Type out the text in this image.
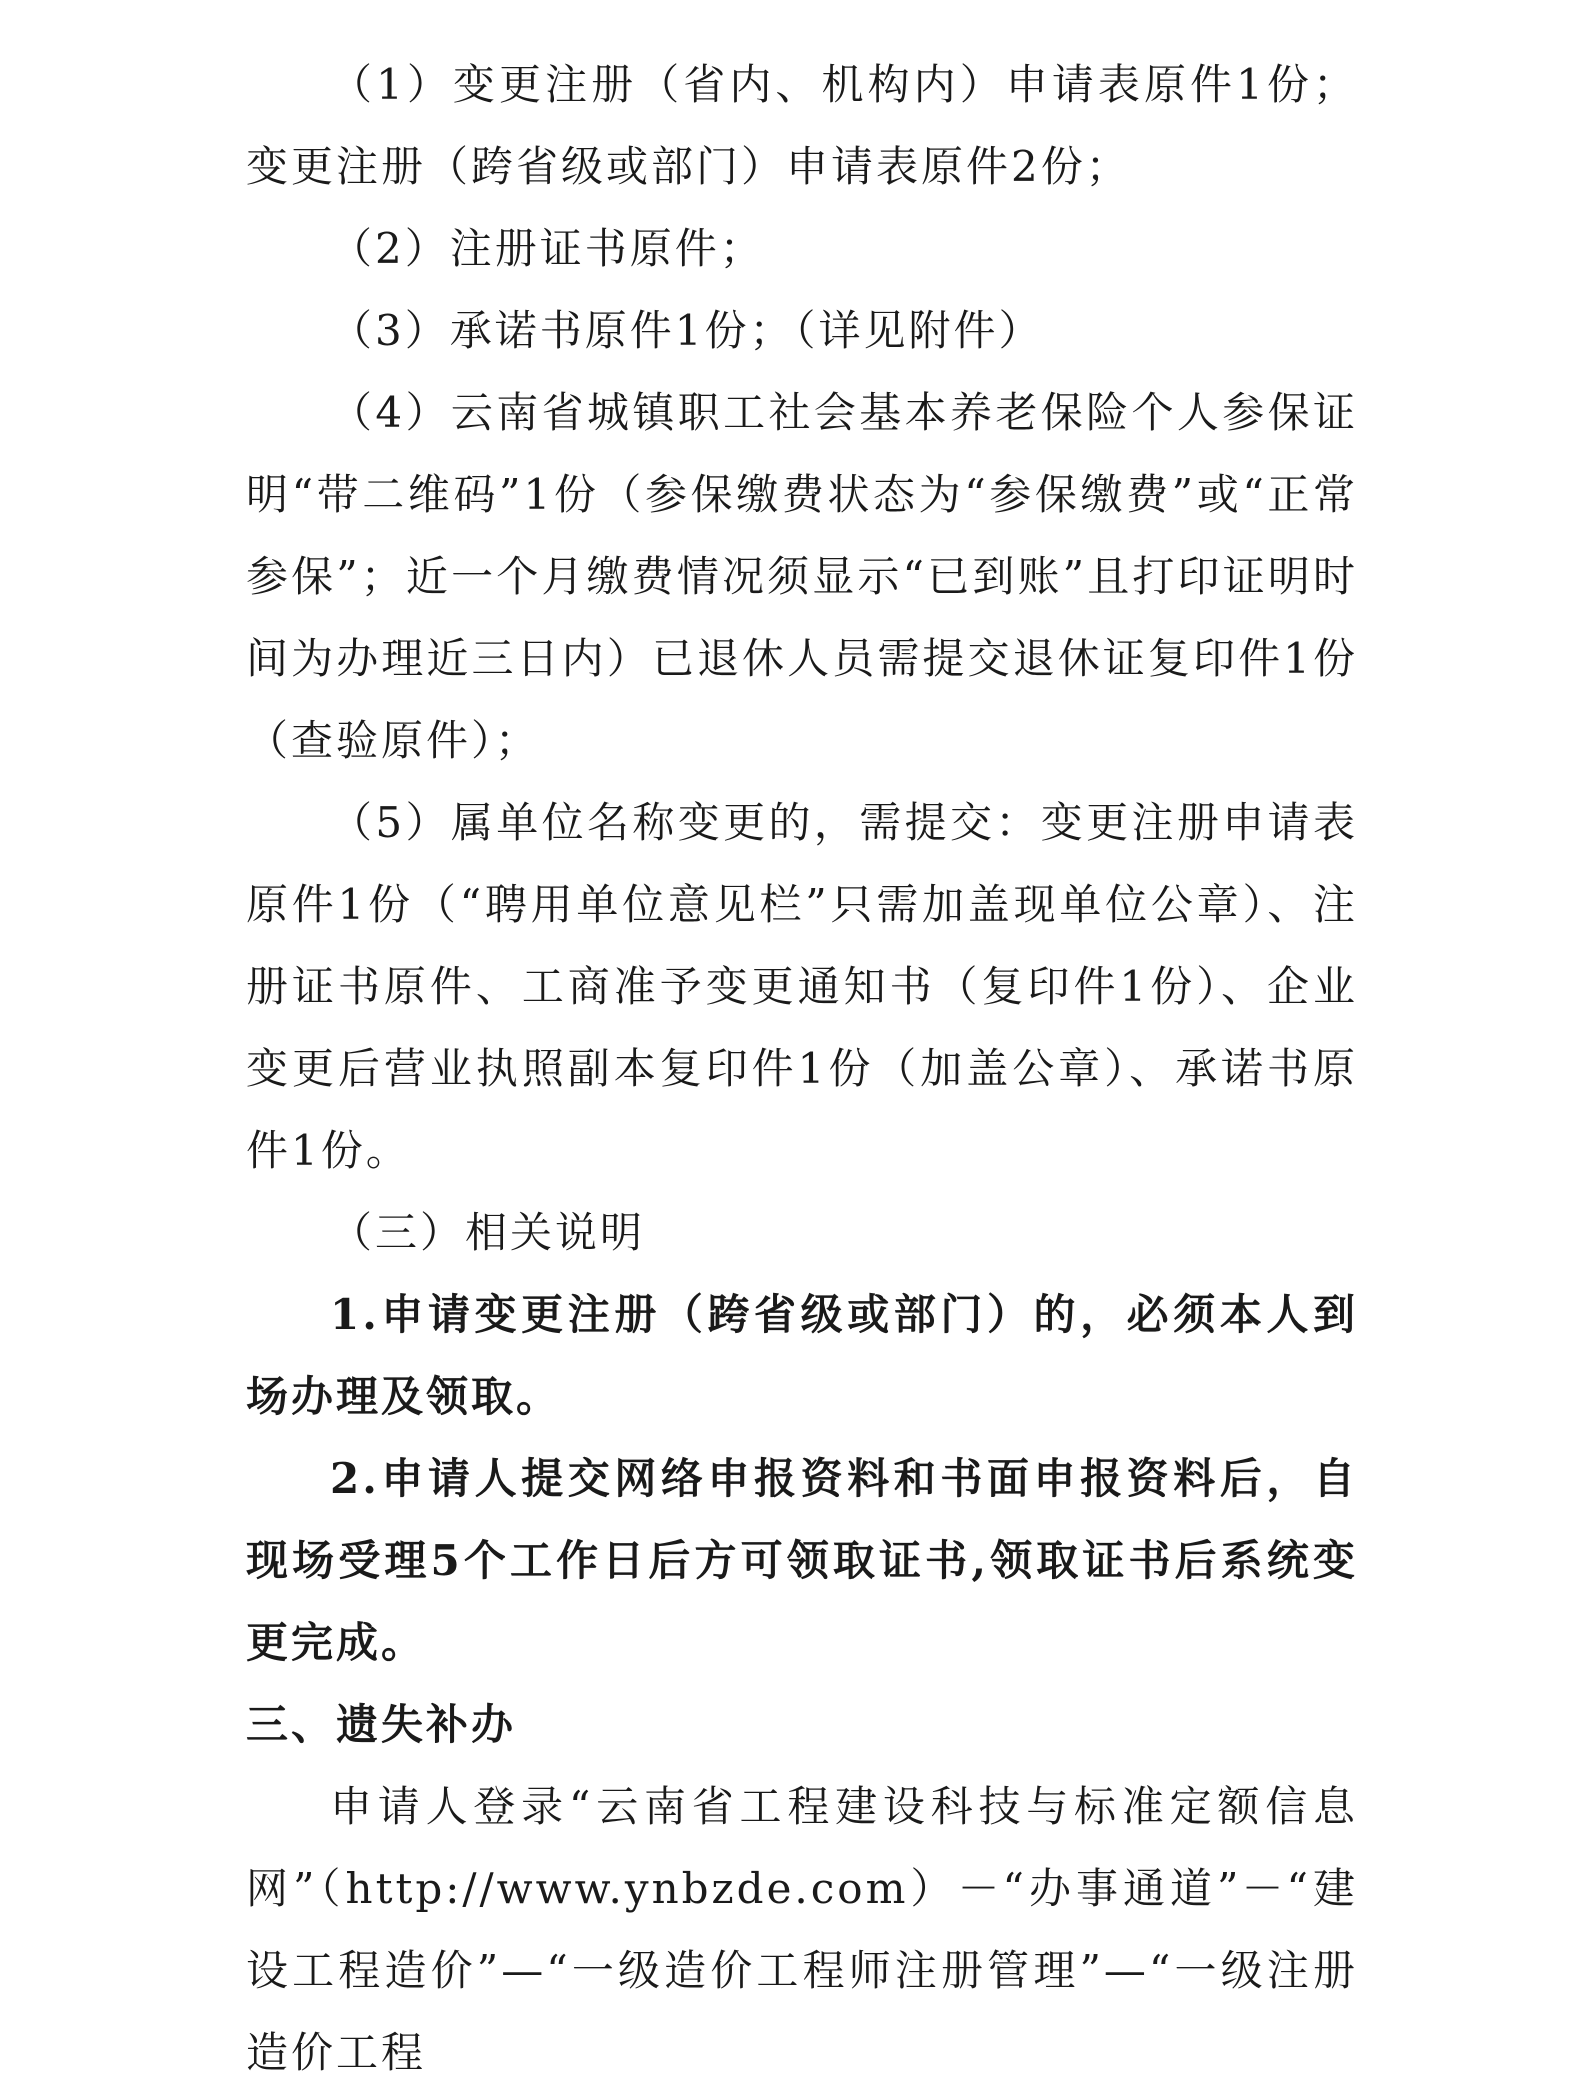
（1）变更注册（省内、机构内）申请表原件1份；变更注册（跨省级或部门）申请表原件2份；

（2）注册证书原件；

（3）承诺书原件1份；（详见附件）

（4）云南省城镇职工社会基本养老保险个人参保证明“带二维码”1份（参保缴费状态为“参保缴费”或“正常参保”；近一个月缴费情况须显示“已到账”且打印证明时间为办理近三日内）已退休人员需提交退休证复印件1份（查验原件）；

（5）属单位名称变更的，需提交：变更注册申请表原件1份（“聘用单位意见栏”只需加盖现单位公章）、注册证书原件、工商准予变更通知书（复印件1份）、企业变更后营业执照副本复印件1份（加盖公章）、承诺书原件1份。

（三）相关说明

1.申请变更注册（跨省级或部门）的，必须本人到场办理及领取。

2.申请人提交网络申报资料和书面申报资料后，自现场受理5个工作日后方可领取证书,领取证书后系统变更完成。

三、遗失补办

申请人登录“云南省工程建设科技与标准定额信息网”（http://www.ynbzde.com）－“办事通道”－“建设工程造价”—“一级造价工程师注册管理”—“一级注册造价工程
